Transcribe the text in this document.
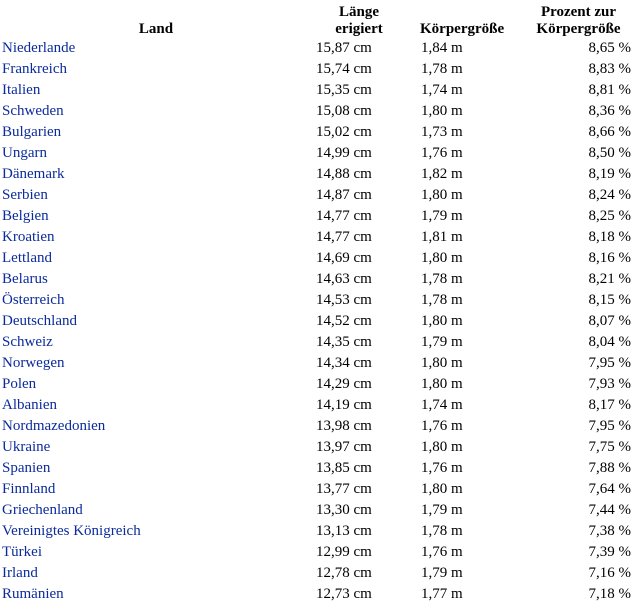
Land	Länge erigiert	Körpergröße	Prozent zur Körpergröße
Niederlande	15,87 cm	1,84 m	8,65 %
Frankreich	15,74 cm	1,78 m	8,83 %
Italien	15,35 cm	1,74 m	8,81 %
Schweden	15,08 cm	1,80 m	8,36 %
Bulgarien	15,02 cm	1,73 m	8,66 %
Ungarn	14,99 cm	1,76 m	8,50 %
Dänemark	14,88 cm	1,82 m	8,19 %
Serbien	14,87 cm	1,80 m	8,24 %
Belgien	14,77 cm	1,79 m	8,25 %
Kroatien	14,77 cm	1,81 m	8,18 %
Lettland	14,69 cm	1,80 m	8,16 %
Belarus	14,63 cm	1,78 m	8,21 %
Österreich	14,53 cm	1,78 m	8,15 %
Deutschland	14,52 cm	1,80 m	8,07 %
Schweiz	14,35 cm	1,79 m	8,04 %
Norwegen	14,34 cm	1,80 m	7,95 %
Polen	14,29 cm	1,80 m	7,93 %
Albanien	14,19 cm	1,74 m	8,17 %
Nordmazedonien	13,98 cm	1,76 m	7,95 %
Ukraine	13,97 cm	1,80 m	7,75 %
Spanien	13,85 cm	1,76 m	7,88 %
Finnland	13,77 cm	1,80 m	7,64 %
Griechenland	13,30 cm	1,79 m	7,44 %
Vereinigtes Königreich	13,13 cm	1,78 m	7,38 %
Türkei	12,99 cm	1,76 m	7,39 %
Irland	12,78 cm	1,79 m	7,16 %
Rumänien	12,73 cm	1,77 m	7,18 %
